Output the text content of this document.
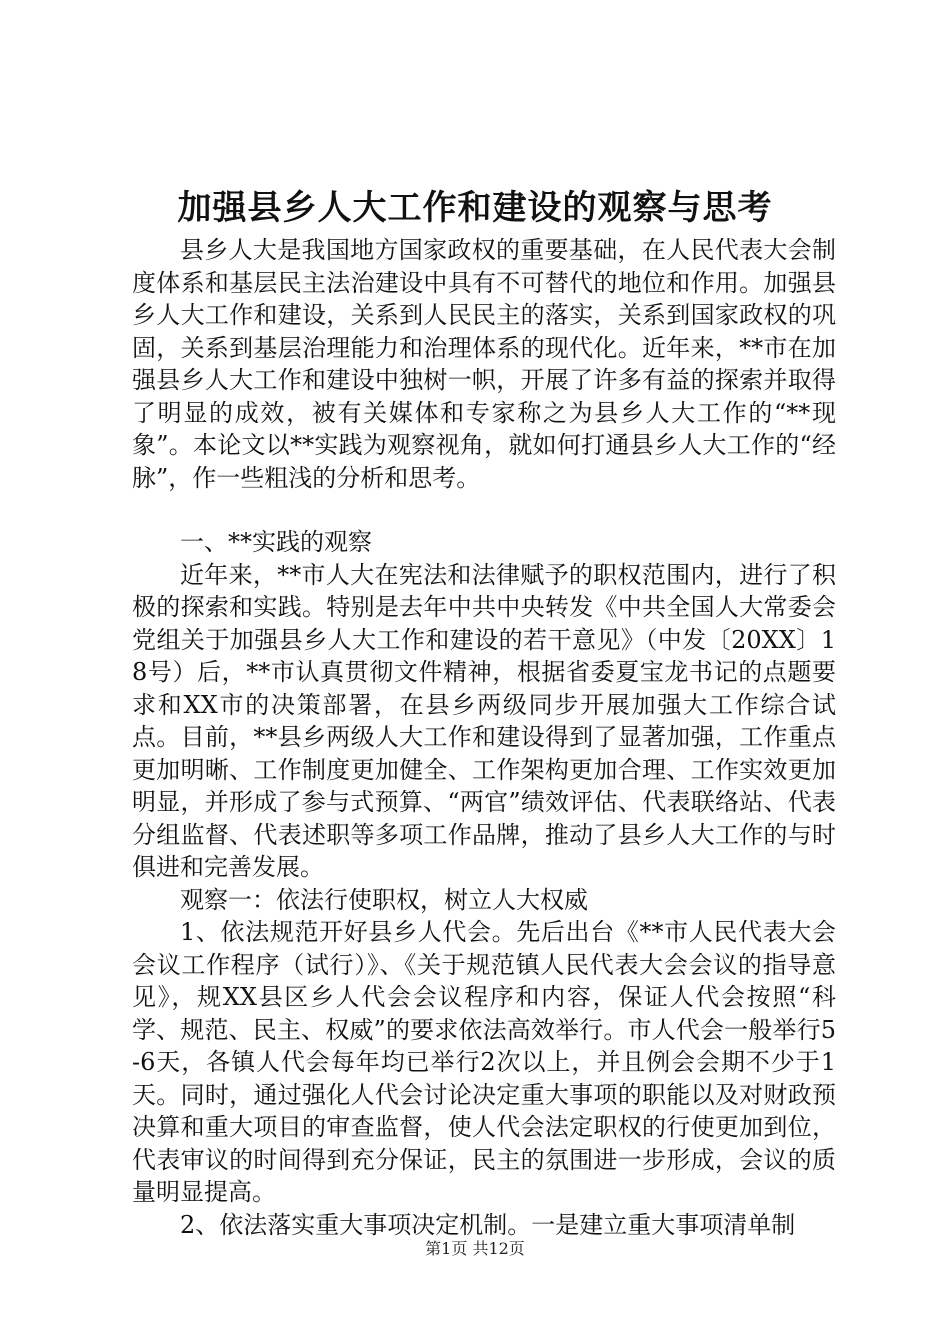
加强县乡人大工作和建设的观察与思考

县乡人大是我国地方国家政权的重要基础，在人民代表大会制度体系和基层民主法治建设中具有不可替代的地位和作用。加强县乡人大工作和建设，关系到人民民主的落实，关系到国家政权的巩固，关系到基层治理能力和治理体系的现代化。近年来，**市在加强县乡人大工作和建设中独树一帜，开展了许多有益的探索并取得了明显的成效，被有关媒体和专家称之为县乡人大工作的“**现象”。本论文以**实践为观察视角，就如何打通县乡人大工作的“经脉”，作一些粗浅的分析和思考。

一、**实践的观察

近年来，**市人大在宪法和法律赋予的职权范围内，进行了积极的探索和实践。特别是去年中共中央转发《中共全国人大常委会党组关于加强县乡人大工作和建设的若干意见》（中发〔20XX〕18号）后，**市认真贯彻文件精神，根据省委夏宝龙书记的点题要求和XX市的决策部署，在县乡两级同步开展加强大工作综合试点。目前，**县乡两级人大工作和建设得到了显著加强，工作重点更加明晰、工作制度更加健全、工作架构更加合理、工作实效更加明显，并形成了参与式预算、“两官”绩效评估、代表联络站、代表分组监督、代表述职等多项工作品牌，推动了县乡人大工作的与时俱进和完善发展。

观察一：依法行使职权，树立人大权威

1、依法规范开好县乡人代会。先后出台《**市人民代表大会会议工作程序（试行）》、《关于规范镇人民代表大会会议的指导意见》，规XX县区乡人代会会议程序和内容，保证人代会按照“科学、规范、民主、权威”的要求依法高效举行。市人代会一般举行5-6天，各镇人代会每年均已举行2次以上，并且例会会期不少于1天。同时，通过强化人代会讨论决定重大事项的职能以及对财政预决算和重大项目的审查监督，使人代会法定职权的行使更加到位，代表审议的时间得到充分保证，民主的氛围进一步形成，会议的质量明显提高。

2、依法落实重大事项决定机制。一是建立重大事项清单制

第1页 共12页
